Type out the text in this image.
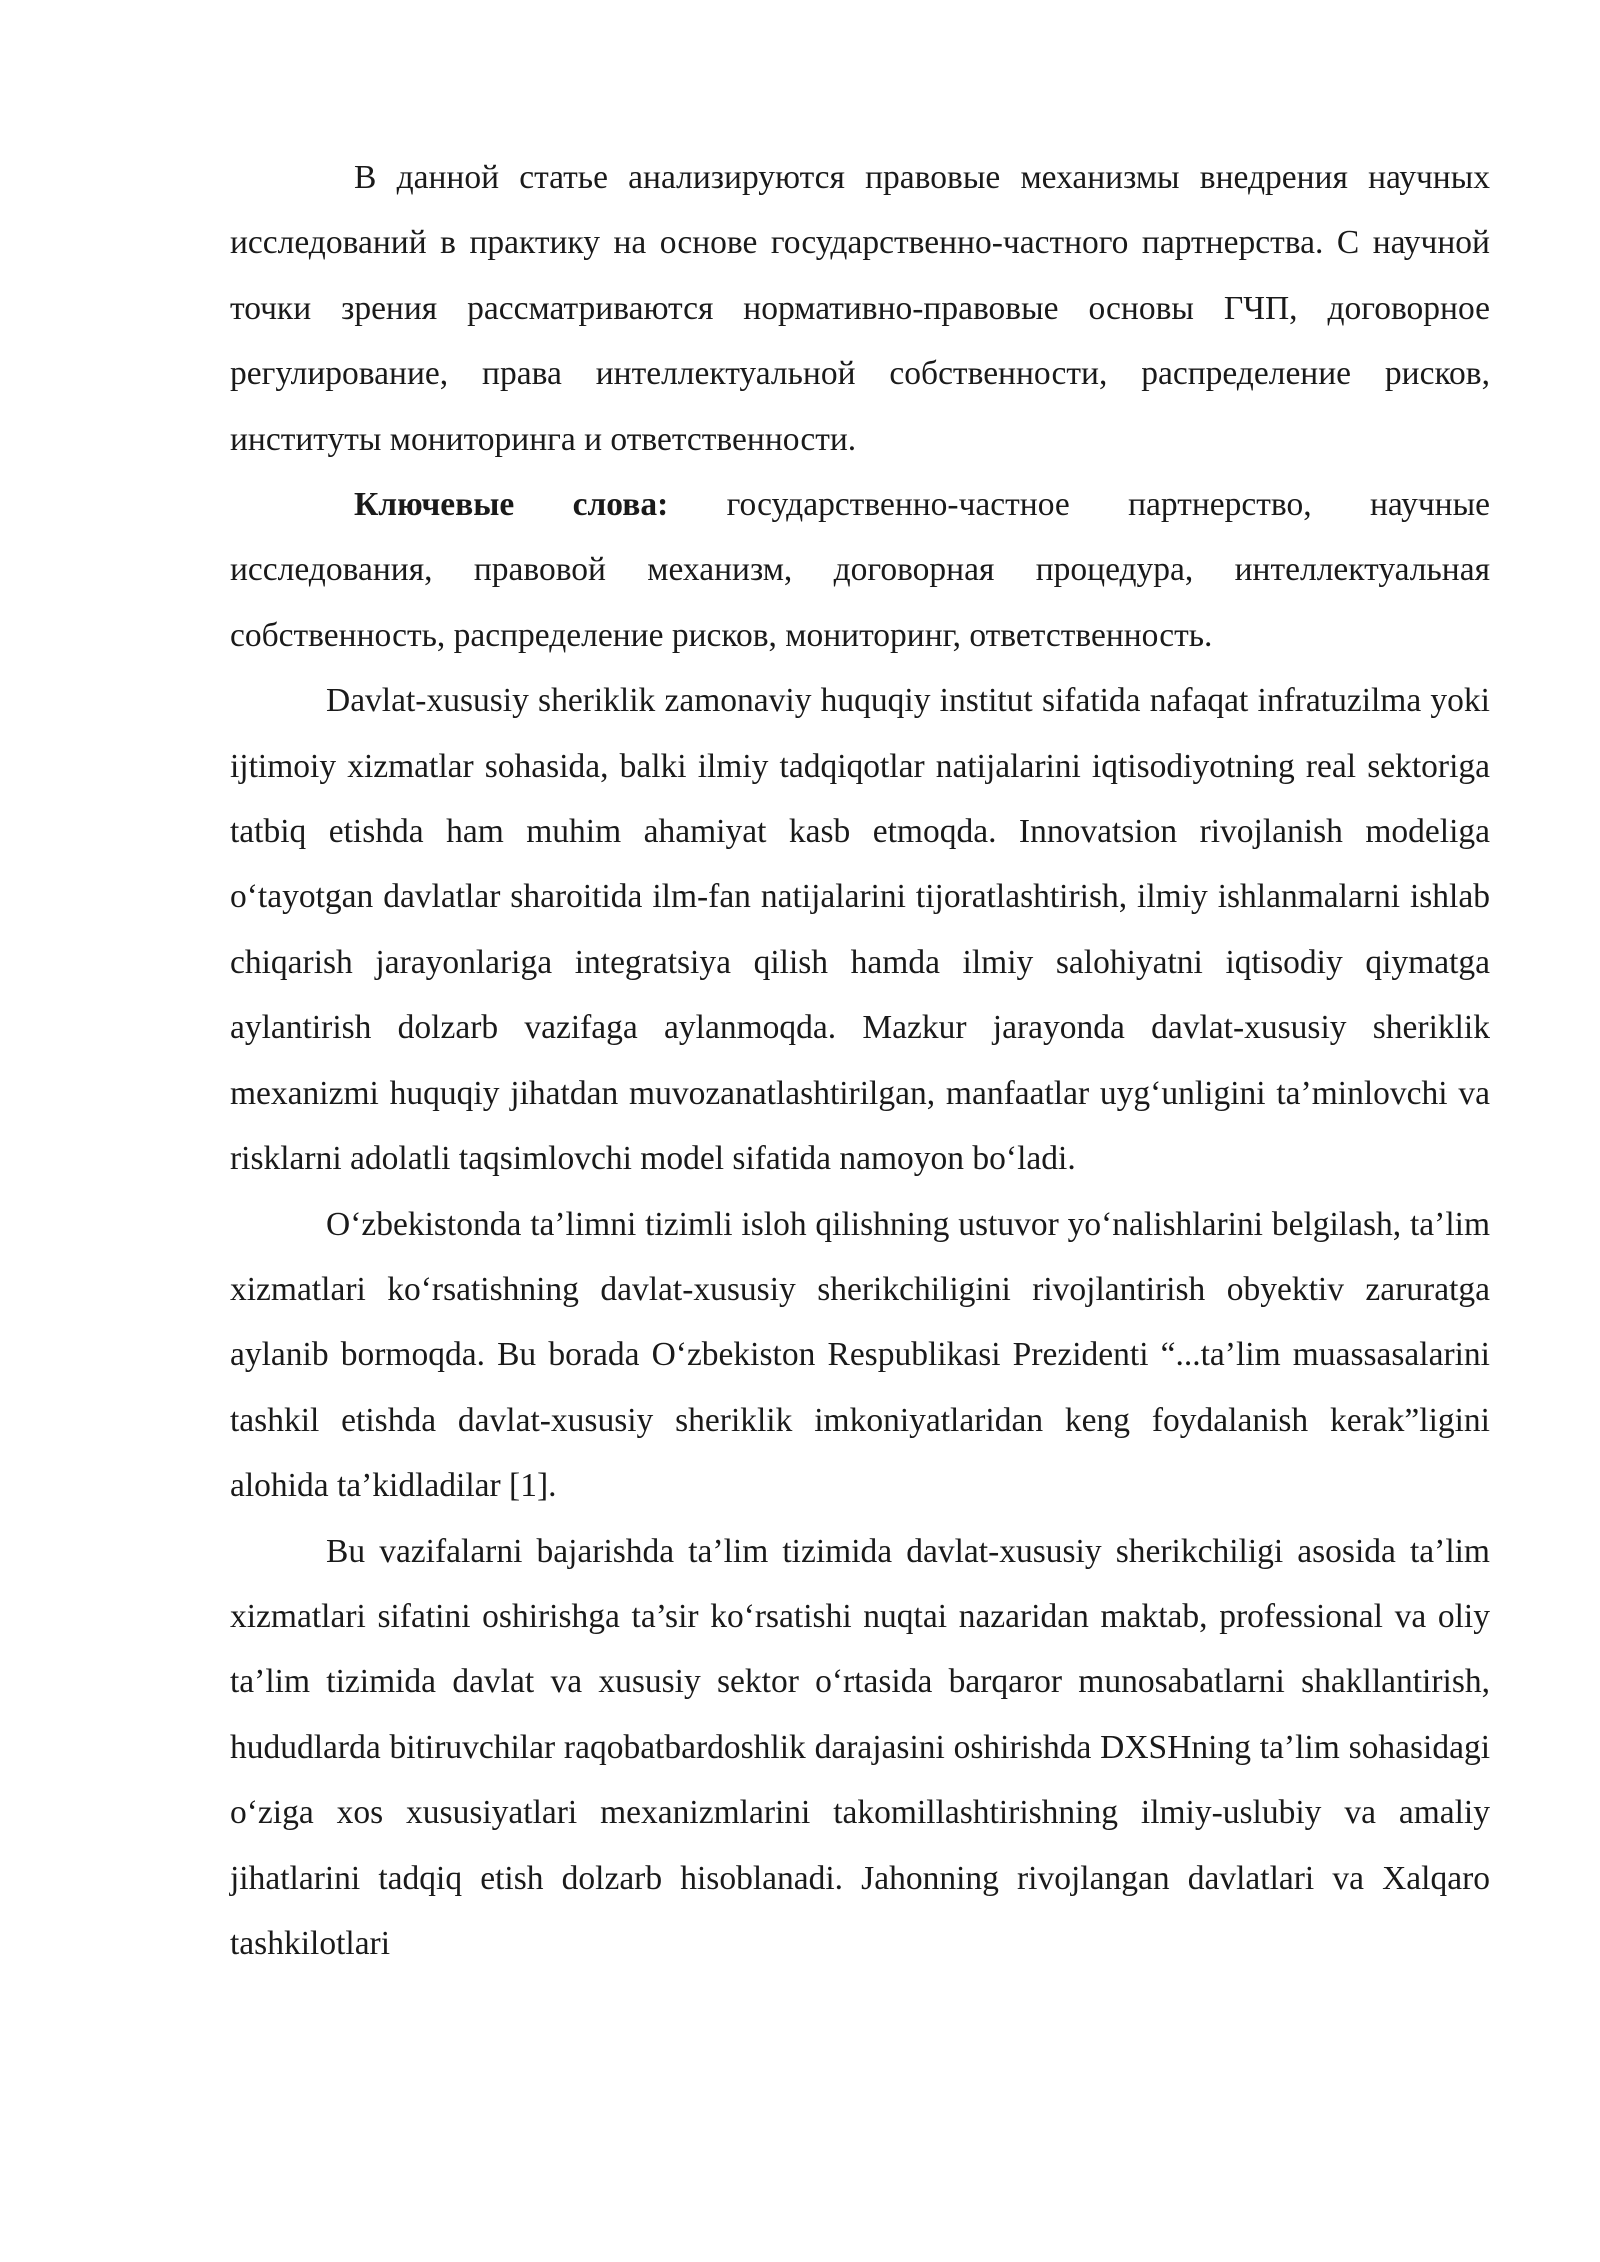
В данной статье анализируются правовые механизмы внедрения научных исследований в практику на основе государственно-частного партнерства. С научной точки зрения рассматриваются нормативно-правовые основы ГЧП, договорное регулирование, права интеллектуальной собственности, распределение рисков, институты мониторинга и ответственности.

Ключевые слова: государственно-частное партнерство, научные исследования, правовой механизм, договорная процедура, интеллектуальная собственность, распределение рисков, мониторинг, ответственность.

Davlat-xususiy sheriklik zamonaviy huquqiy institut sifatida nafaqat infratuzilma yoki ijtimoiy xizmatlar sohasida, balki ilmiy tadqiqotlar natijalarini iqtisodiyotning real sektoriga tatbiq etishda ham muhim ahamiyat kasb etmoqda. Innovatsion rivojlanish modeliga o‘tayotgan davlatlar sharoitida ilm-fan natijalarini tijoratlashtirish, ilmiy ishlanmalarni ishlab chiqarish jarayonlariga integratsiya qilish hamda ilmiy salohiyatni iqtisodiy qiymatga aylantirish dolzarb vazifaga aylanmoqda. Mazkur jarayonda davlat-xususiy sheriklik mexanizmi huquqiy jihatdan muvozanatlashtirilgan, manfaatlar uyg‘unligini ta’minlovchi va risklarni adolatli taqsimlovchi model sifatida namoyon bo‘ladi.

O‘zbekistonda ta’limni tizimli isloh qilishning ustuvor yo‘nalishlarini belgilash, ta’lim xizmatlari ko‘rsatishning davlat-xususiy sherikchiligini rivojlantirish obyektiv zaruratga aylanib bormoqda. Bu borada O‘zbekiston Respublikasi Prezidenti “...ta’lim muassasalarini tashkil etishda davlat-xususiy sheriklik imkoniyatlaridan keng foydalanish kerak”ligini alohida ta’kidladilar [1].

Bu vazifalarni bajarishda ta’lim tizimida davlat-xususiy sherikchiligi asosida ta’lim xizmatlari sifatini oshirishga ta’sir ko‘rsatishi nuqtai nazaridan maktab, professional va oliy ta’lim tizimida davlat va xususiy sektor o‘rtasida barqaror munosabatlarni shakllantirish, hududlarda bitiruvchilar raqobatbardoshlik darajasini oshirishda DXSHning ta’lim sohasidagi o‘ziga xos xususiyatlari mexanizmlarini takomillashtirishning ilmiy-uslubiy va amaliy jihatlarini tadqiq etish dolzarb hisoblanadi. Jahonning rivojlangan davlatlari va Xalqaro tashkilotlari
